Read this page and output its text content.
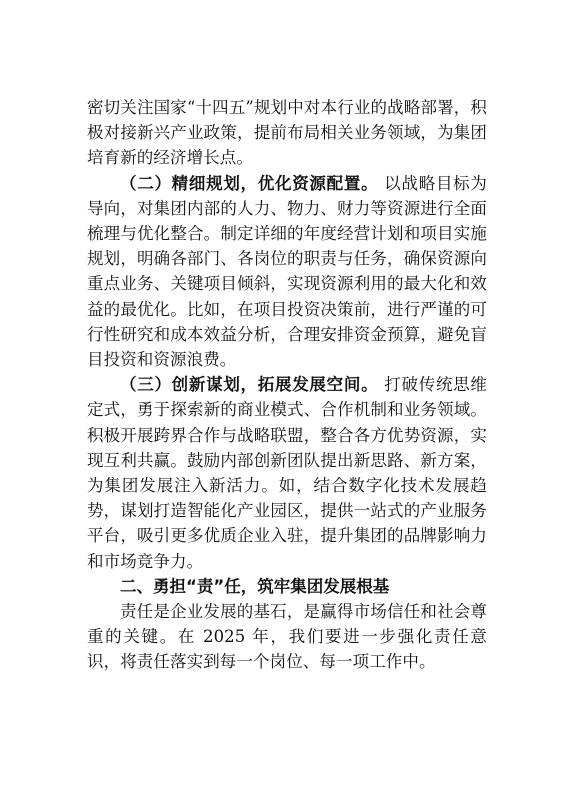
密切关注国家“十四五”规划中对本行业的战略部署，积极对接新兴产业政策，提前布局相关业务领域，为集团培育新的经济增长点。

（二）精细规划，优化资源配置。 以战略目标为导向，对集团内部的人力、物力、财力等资源进行全面梳理与优化整合。制定详细的年度经营计划和项目实施规划，明确各部门、各岗位的职责与任务，确保资源向重点业务、关键项目倾斜，实现资源利用的最大化和效益的最优化。比如，在项目投资决策前，进行严谨的可行性研究和成本效益分析，合理安排资金预算，避免盲目投资和资源浪费。

（三）创新谋划，拓展发展空间。 打破传统思维定式，勇于探索新的商业模式、合作机制和业务领域。积极开展跨界合作与战略联盟，整合各方优势资源，实现互利共赢。鼓励内部创新团队提出新思路、新方案，为集团发展注入新活力。如，结合数字化技术发展趋势，谋划打造智能化产业园区，提供一站式的产业服务平台，吸引更多优质企业入驻，提升集团的品牌影响力和市场竞争力。

二、勇担“责”任，筑牢集团发展根基

责任是企业发展的基石，是赢得市场信任和社会尊重的关键。在 2025 年，我们要进一步强化责任意识，将责任落实到每一个岗位、每一项工作中。
